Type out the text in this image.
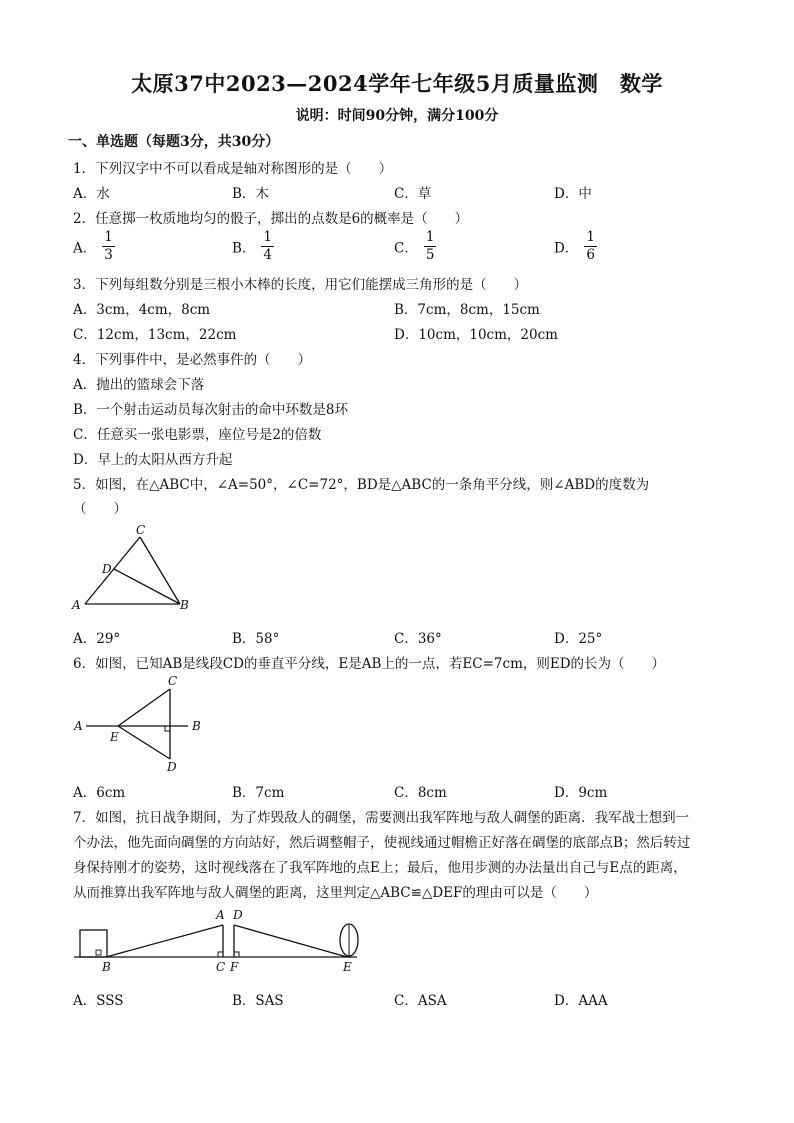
太原37中2023—2024学年七年级5月质量监测　数学
说明：时间90分钟，满分100分
一、单选题（每题3分，共30分）
1．下列汉字中不可以看成是轴对称图形的是（　　）
A．水	B．木	C．草	D．中
2．任意掷一枚质地均匀的骰子，掷出的点数是6的概率是（　　）
A． $\frac{1}{3}$	B． $\frac{1}{4}$	C． $\frac{1}{5}$	D． $\frac{1}{6}$
3．下列每组数分别是三根小木棒的长度，用它们能摆成三角形的是（　　）
A．3cm，4cm，8cm	B．7cm，8cm，15cm
C．12cm，13cm，22cm	D．10cm，10cm，20cm
4．下列事件中，是必然事件的（　　）
A．抛出的篮球会下落
B．一个射击运动员每次射击的命中环数是8环
C．任意买一张电影票，座位号是2的倍数
D．早上的太阳从西方升起
5．如图，在△ABC中，∠A=50°，∠C=72°，BD是△ABC的一条角平分线，则∠ABD的度数为
（　　）
A	B
C
D
A．29°	B．58°	C．36°	D．25°
6．如图，已知AB是线段CD的垂直平分线，E是AB上的一点，若EC=7cm，则ED的长为（　　）
A	B
C
D
E
A．6cm	B．7cm	C．8cm	D．9cm
7．如图，抗日战争期间，为了炸毁敌人的碉堡，需要测出我军阵地与敌人碉堡的距离．我军战士想到一
个办法，他先面向碉堡的方向站好，然后调整帽子，使视线通过帽檐正好落在碉堡的底部点B；然后转过
身保持刚才的姿势，这时视线落在了我军阵地的点E上；最后，他用步测的办法量出自己与E点的距离，
从而推算出我军阵地与敌人碉堡的距离，这里判定△ABC≌△DEF的理由可以是（　　）
B
A D
C F	E
A．SSS	B．SAS	C．ASA	D．AAA
